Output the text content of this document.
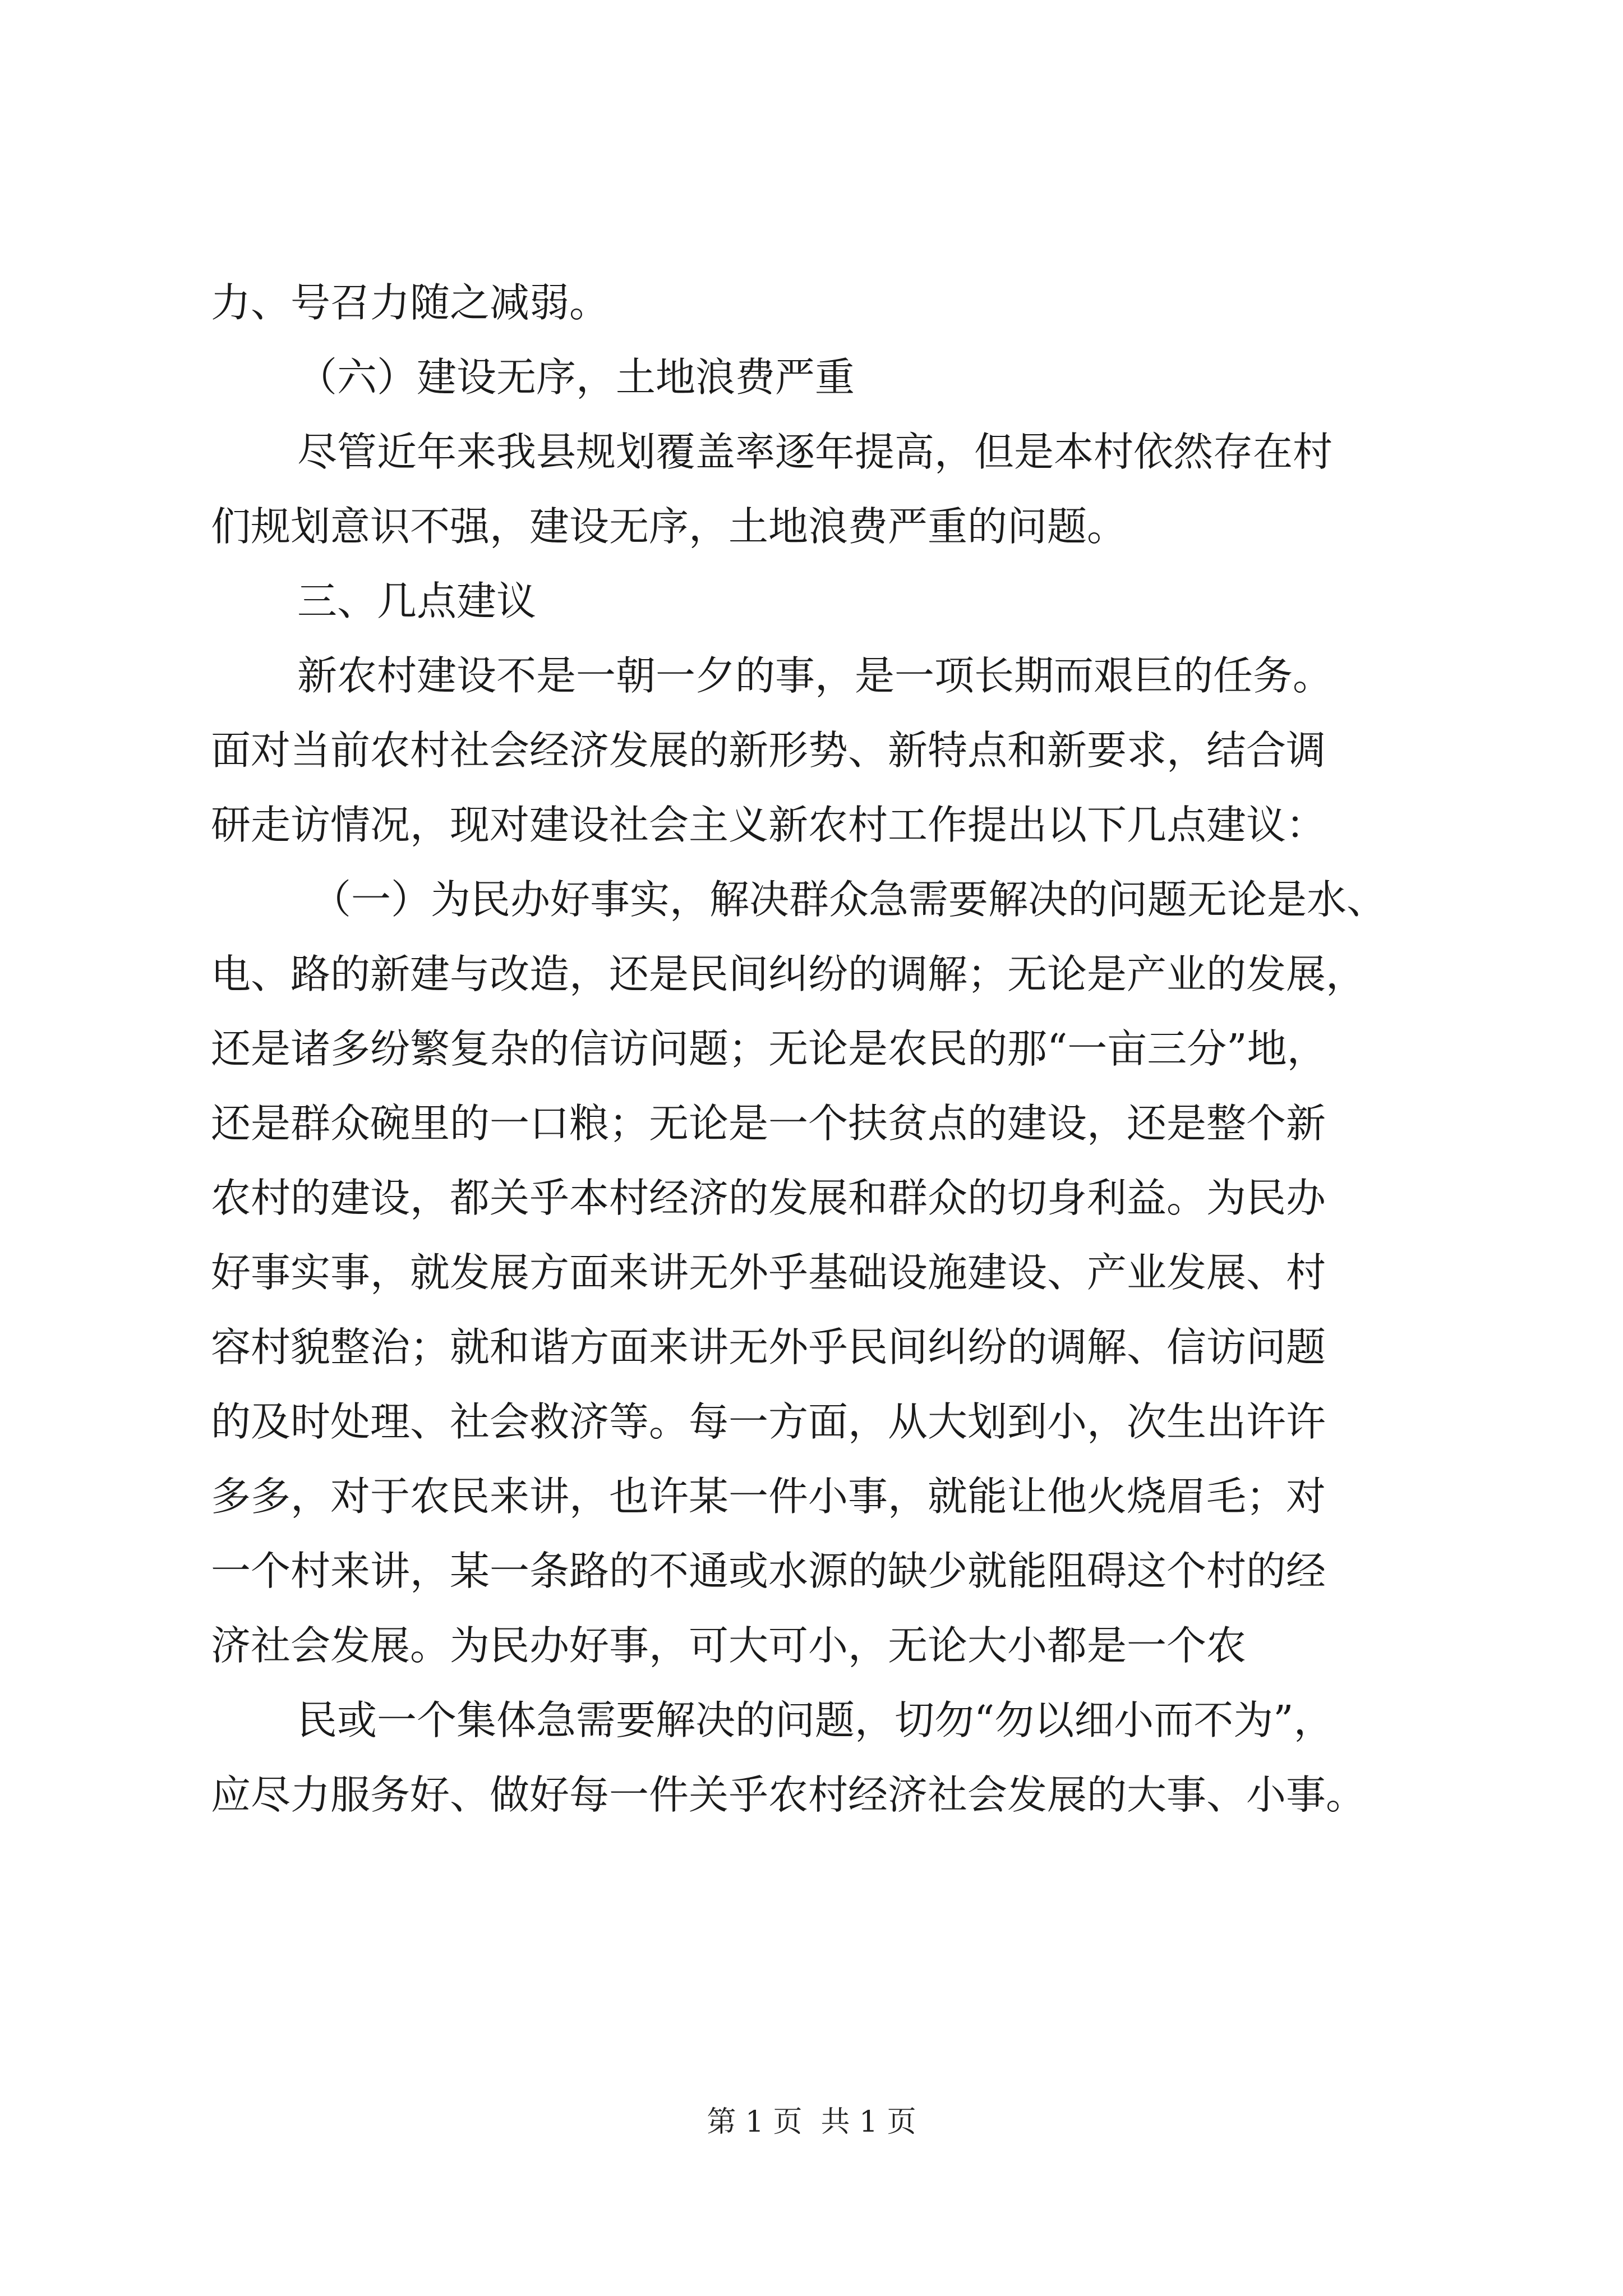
力、号召力随之减弱。
（六）建设无序，土地浪费严重
尽管近年来我县规划覆盖率逐年提高，但是本村依然存在村
们规划意识不强，建设无序，土地浪费严重的问题。
三、几点建议
新农村建设不是一朝一夕的事，是一项长期而艰巨的任务。
面对当前农村社会经济发展的新形势、新特点和新要求，结合调
研走访情况，现对建设社会主义新农村工作提出以下几点建议：
（一）为民办好事实，解决群众急需要解决的问题无论是水、
电、路的新建与改造，还是民间纠纷的调解；无论是产业的发展，
还是诸多纷繁复杂的信访问题；无论是农民的那“一亩三分”地，
还是群众碗里的一口粮；无论是一个扶贫点的建设，还是整个新
农村的建设，都关乎本村经济的发展和群众的切身利益。为民办
好事实事，就发展方面来讲无外乎基础设施建设、产业发展、村
容村貌整治；就和谐方面来讲无外乎民间纠纷的调解、信访问题
的及时处理、社会救济等。每一方面，从大划到小，次生出许许
多多，对于农民来讲，也许某一件小事，就能让他火烧眉毛；对
一个村来讲，某一条路的不通或水源的缺少就能阻碍这个村的经
济社会发展。为民办好事，可大可小，无论大小都是一个农
民或一个集体急需要解决的问题，切勿“勿以细小而不为”，
应尽力服务好、做好每一件关乎农村经济社会发展的大事、小事。
第 1 页  共 1 页
